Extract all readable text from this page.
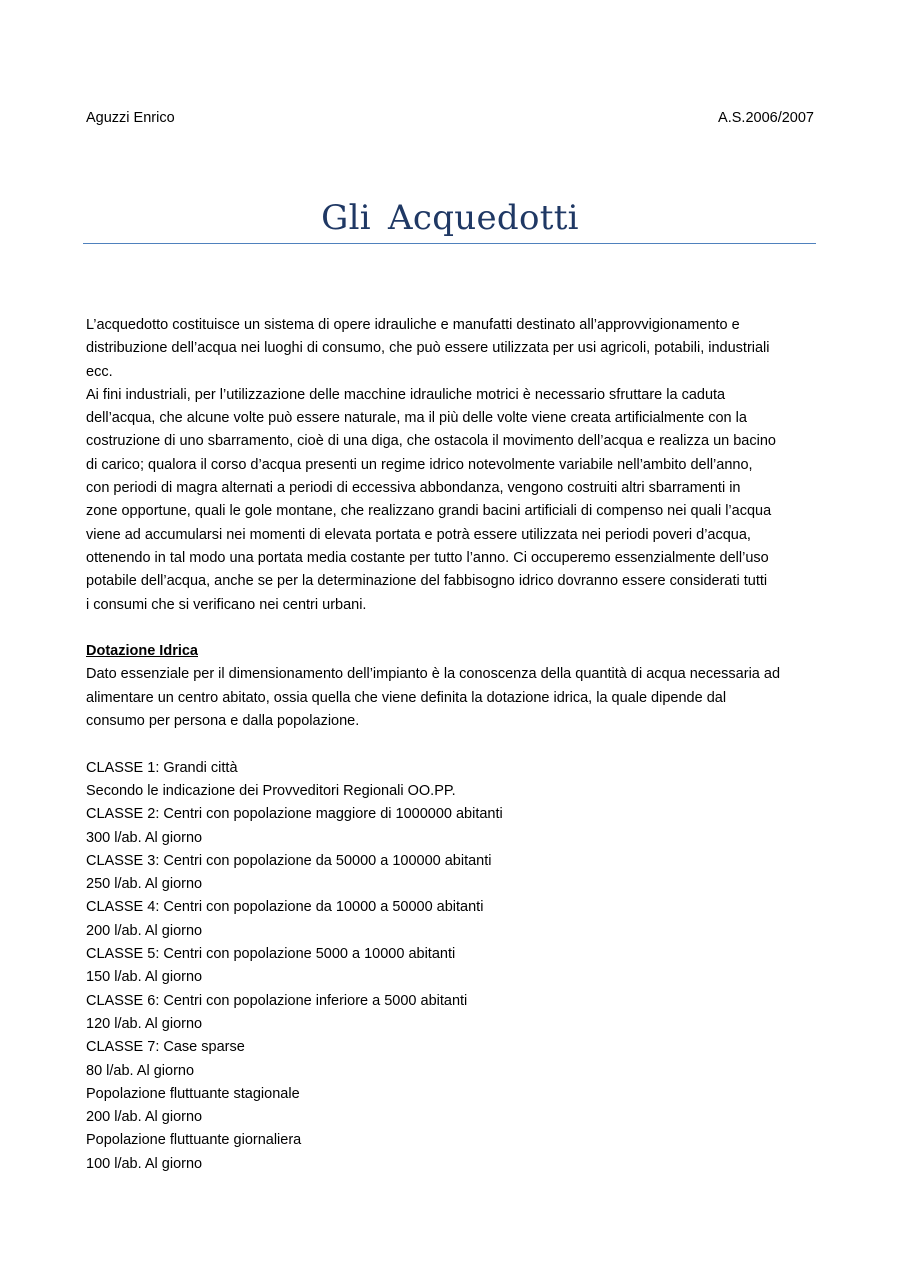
Aguzzi Enrico	A.S.2006/2007
Gli Acquedotti
L’acquedotto costituisce un sistema di opere idrauliche e manufatti destinato all’approvvigionamento e
distribuzione dell’acqua nei luoghi di consumo, che può essere utilizzata per usi agricoli, potabili, industriali
ecc.
Ai fini industriali, per l’utilizzazione delle macchine idrauliche motrici è necessario sfruttare la caduta
dell’acqua, che alcune volte può essere naturale, ma il più delle volte viene creata artificialmente con la
costruzione di uno sbarramento, cioè di una diga, che ostacola il movimento dell’acqua e realizza un bacino
di carico; qualora il corso d’acqua presenti un regime idrico notevolmente variabile nell’ambito dell’anno,
con periodi di magra alternati a periodi di eccessiva abbondanza, vengono costruiti altri sbarramenti in
zone opportune, quali le gole montane, che realizzano grandi bacini artificiali di compenso nei quali l’acqua
viene ad accumularsi nei momenti di elevata portata e potrà essere utilizzata nei periodi poveri d’acqua,
ottenendo in tal modo una portata media costante per tutto l’anno. Ci occuperemo essenzialmente dell’uso
potabile dell’acqua, anche se per la determinazione del fabbisogno idrico dovranno essere considerati tutti
i consumi che si verificano nei centri urbani.
Dotazione Idrica
Dato essenziale per il dimensionamento dell’impianto è la conoscenza della quantità di acqua necessaria ad
alimentare un centro abitato, ossia quella che viene definita la dotazione idrica, la quale dipende dal
consumo per persona e dalla popolazione.
CLASSE 1: Grandi città
Secondo le indicazione dei Provveditori Regionali OO.PP.
CLASSE 2: Centri con popolazione maggiore di 1000000 abitanti
300 l/ab. Al giorno
CLASSE 3: Centri con popolazione da 50000 a 100000 abitanti
250 l/ab. Al giorno
CLASSE 4: Centri con popolazione da 10000 a 50000 abitanti
200 l/ab. Al giorno
CLASSE 5: Centri con popolazione 5000 a 10000 abitanti
150 l/ab. Al giorno
CLASSE 6: Centri con popolazione inferiore a 5000 abitanti
120 l/ab. Al giorno
CLASSE 7: Case sparse
80 l/ab. Al giorno
Popolazione fluttuante stagionale
200 l/ab. Al giorno
Popolazione fluttuante giornaliera
100 l/ab. Al giorno
